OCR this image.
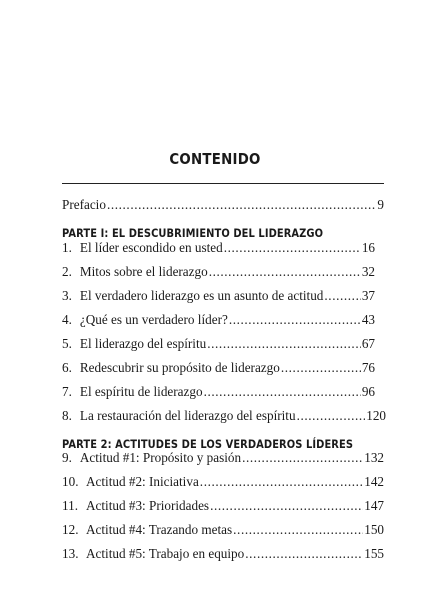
CONTENIDO
Prefacio .....	9
PARTE I: EL DESCUBRIMIENTO DEL LIDERAZGO
1. El líder escondido en usted .....	16
2. Mitos sobre el liderazgo .....	32
3. El verdadero liderazgo es un asunto de actitud .....	37
4. ¿Qué es un verdadero líder? .....	43
5. El liderazgo del espíritu .....	67
6. Redescubrir su propósito de liderazgo .....	76
7. El espíritu de liderazgo .....	96
8. La restauración del liderazgo del espíritu .....	120
PARTE 2: ACTITUDES DE LOS VERDADEROS LÍDERES
9. Actitud #1: Propósito y pasión .....	132
10. Actitud #2: Iniciativa .....	142
11. Actitud #3: Prioridades .....	147
12. Actitud #4: Trazando metas .....	150
13. Actitud #5: Trabajo en equipo .....	155
